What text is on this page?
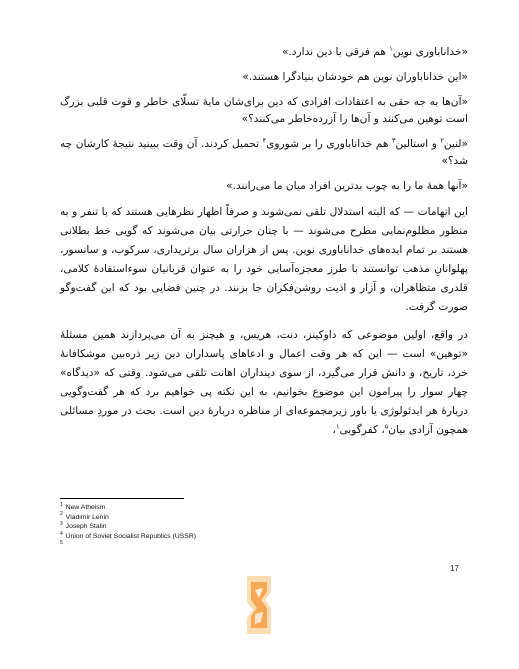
«خداناباوری نوین$^۱$ هم فرقی با دین ندارد.»

«این خداناباوران نوین هم خودشان بنیادگرا هستند.»

«آن‌ها به جه حقی به اعتقادات افرادی که دین برای‌شان مایهٔ تسلّای خاطر و قوت قلبی بزرگ است توهین می‌کنند و آن‌ها را آزرده‌خاطر می‌کنند؟»

«لنین$^۲$ و استالین$^۳$ هم خداناباوری را بر شوروی$^۴$ تحمیل کردند. آن وقت ببینید نتیجهٔ کارشان چه شد؟»

«آنها همهٔ ما را به چوب بدترین افراد میان ما می‌رانند.»

این اتهامات — که البته استدلال تلقی نمی‌شوند و صرفاً اظهار نظرهایی هستند که با تنفر و به منظور مظلوم‌نمایی مطرح می‌شوند — با چنان حرارتی بیان می‌شوند که گویی خط بطلانی هستند بر تمام ایده‌های خداناباوری نوین. پس از هزاران سال برتریداری، سرکوب، و سانسور، پهلوانانِ مذهب توانستند با طرز معجزه‌آسایی خود را به عنوان قربانیان سوءاستفادهٔ کلامی، قلدری متظاهران، و آزار و اذیت روشن‌فکران جا بزنند. در چنین فضایی بود که این گفت‌وگو صورت گرفت.

در واقع، اولین موضوعی که داوکینز، دنت، هریس، و هیچنز به آن می‌پردازند همین مسئلهٔ «توهین» است — این که هر وقت اعمال و ادعاهای پاسداران دین زیر ذره‌بین موشکافانهٔ خرد، تاریخ، و دانش قرار می‌گیرد، از سوی دینداران اهانت تلقی می‌شود. وقتی که «دیدگاه» چهار سوار را پیرامون این موضوع بخوانیم، به این نکته پی خواهیم برد که هر گفت‌وگویی دربارهٔ هر ایدئولوژی یا باور زیرمجموعه‌ای از مناظره دربارهٔ دین است. بحث در موردِ مسائلی همچون آزادی بیان$^۵$، کفرگویی$^۱$،

$^1$ New Atheism
$^2$ Vladimir Lenin
$^3$ Joseph Stalin
$^4$ Union of Soviet Socialist Republics (USSR)
$^5$
17
